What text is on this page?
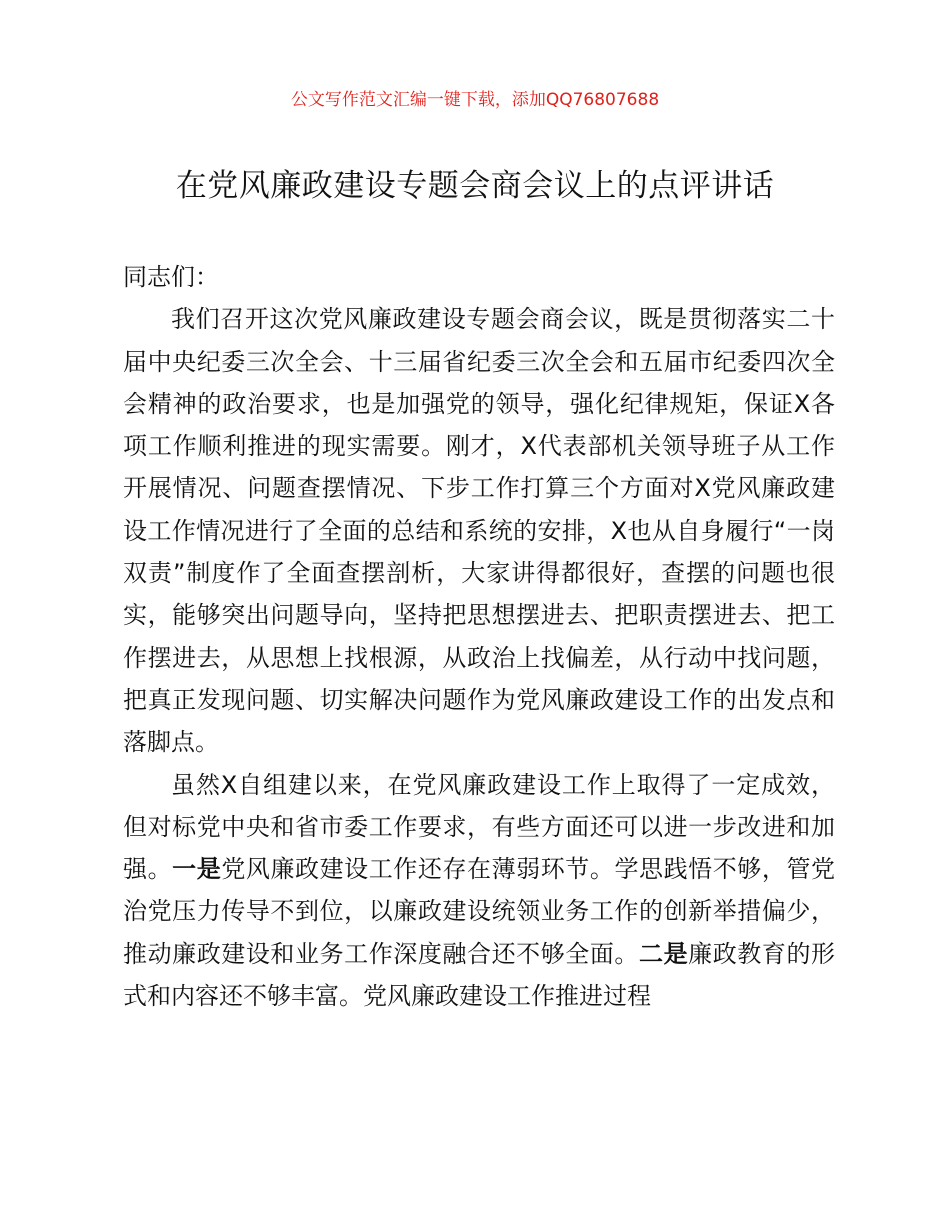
公文写作范文汇编一键下载，添加QQ76807688
在党风廉政建设专题会商会议上的点评讲话

同志们：

我们召开这次党风廉政建设专题会商会议，既是贯彻落实二十届中央纪委三次全会、十三届省纪委三次全会和五届市纪委四次全会精神的政治要求，也是加强党的领导，强化纪律规矩，保证X各项工作顺利推进的现实需要。刚才，X代表部机关领导班子从工作开展情况、问题查摆情况、下步工作打算三个方面对X党风廉政建设工作情况进行了全面的总结和系统的安排，X也从自身履行“一岗双责”制度作了全面查摆剖析，大家讲得都很好，查摆的问题也很实，能够突出问题导向，坚持把思想摆进去、把职责摆进去、把工作摆进去，从思想上找根源，从政治上找偏差，从行动中找问题，把真正发现问题、切实解决问题作为党风廉政建设工作的出发点和落脚点。

虽然X自组建以来，在党风廉政建设工作上取得了一定成效，但对标党中央和省市委工作要求，有些方面还可以进一步改进和加强。一是党风廉政建设工作还存在薄弱环节。学思践悟不够，管党治党压力传导不到位，以廉政建设统领业务工作的创新举措偏少，推动廉政建设和业务工作深度融合还不够全面。二是廉政教育的形式和内容还不够丰富。党风廉政建设工作推进过程
